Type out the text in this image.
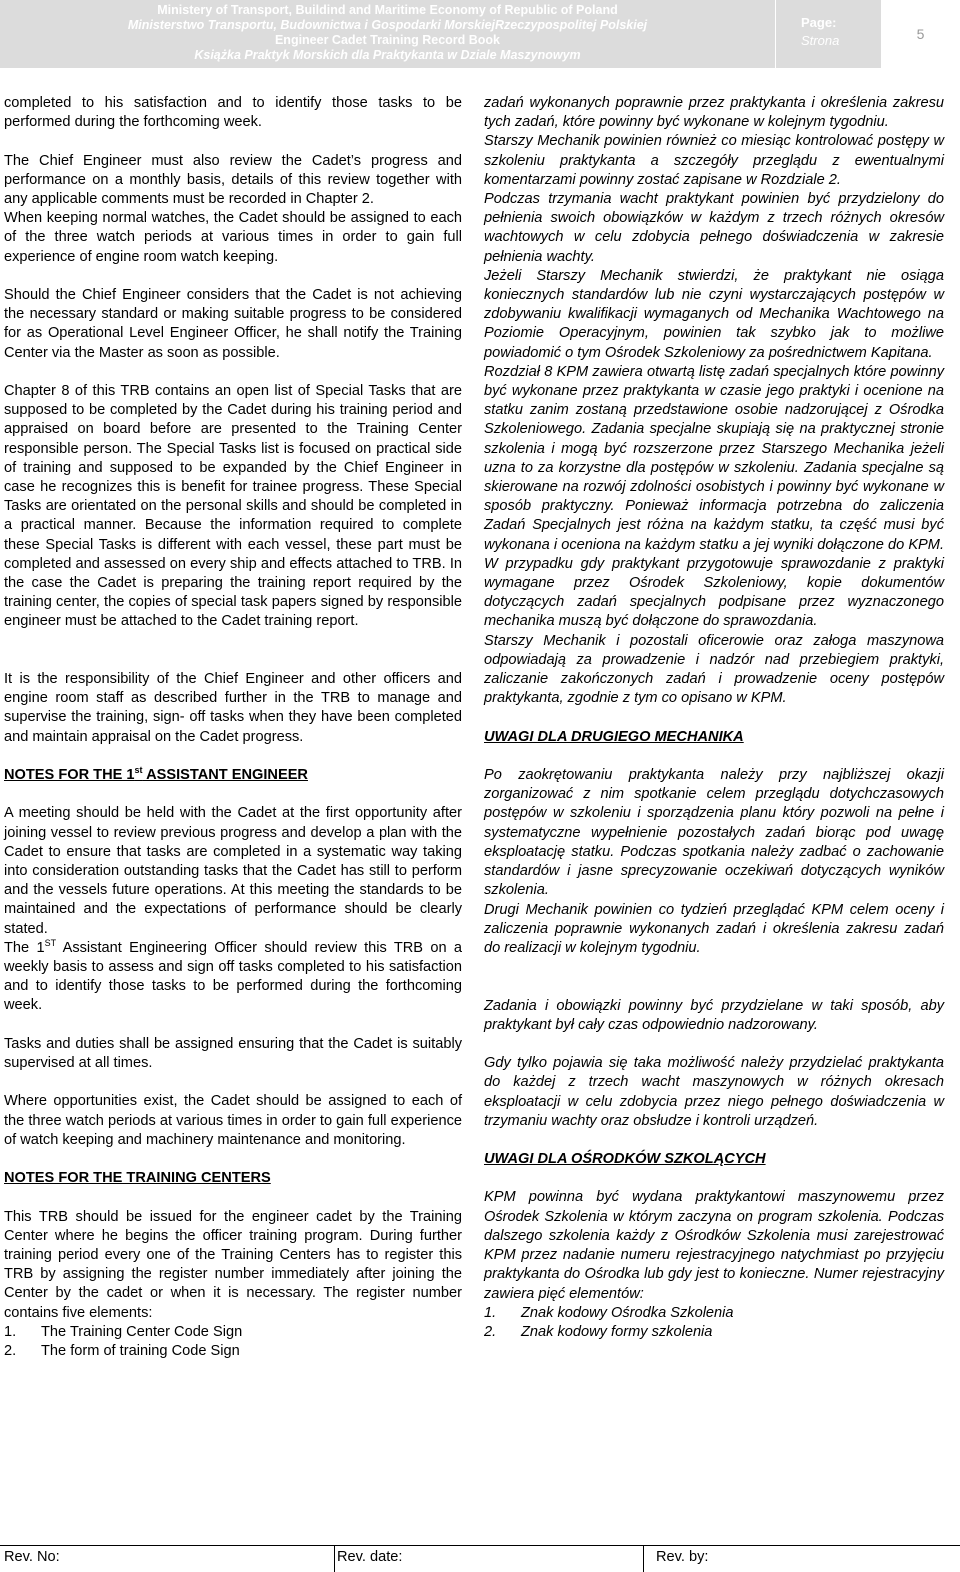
Ministery of Transport, Buildind and Maritime Economy of Republic of Poland
Ministerstwo Transportu, Budownictwa i Gospodarki MorskiejRzeczypospolitej Polskiej
Engineer Cadet Training Record Book
Książka Praktyk Morskich dla Praktykanta w Dziale Maszynowym
Page:
Strona	5

completed to his satisfaction and to identify those tasks to be performed during the forthcoming week.

The Chief Engineer must also review the Cadet’s progress and performance on a monthly basis, details of this review together with any applicable comments must be recorded in Chapter 2.

When keeping normal watches, the Cadet should be assigned to each of the three watch periods at various times in order to gain full experience of engine room watch keeping.

Should the Chief Engineer considers that the Cadet is not achieving the necessary standard or making suitable progress to be considered for as Operational Level Engineer Officer, he shall notify the Training Center via the Master as soon as possible.

Chapter 8 of this TRB contains an open list of Special Tasks that are supposed to be completed by the Cadet during his training period and appraised on board before are presented to the Training Center responsible person. The Special Tasks list is focused on practical side of training and supposed to be expanded by the Chief Engineer in case he recognizes this is benefit for trainee progress. These Special Tasks are orientated on the personal skills and should be completed in a practical manner. Because the information required to complete these Special Tasks is different with each vessel, these part must be completed and assessed on every ship and effects attached to TRB. In the case the Cadet is preparing the training report required by the training center, the copies of special task papers signed by responsible engineer must be attached to the Cadet training report.

It is the responsibility of the Chief Engineer and other officers and engine room staff as described further in the TRB to manage and supervise the training, sign- off tasks when they have been completed and maintain appraisal on the Cadet progress.

NOTES FOR THE 1st ASSISTANT ENGINEER

A meeting should be held with the Cadet at the first opportunity after joining vessel to review previous progress and develop a plan with the Cadet to ensure that tasks are completed in a systematic way taking into consideration outstanding tasks that the Cadet has still to perform and the vessels future operations. At this meeting the standards to be maintained and the expectations of performance should be clearly stated.

The 1ST Assistant Engineering Officer should review this TRB on a weekly basis to assess and sign off tasks completed to his satisfaction and to identify those tasks to be performed during the forthcoming week.

Tasks and duties shall be assigned ensuring that the Cadet is suitably supervised at all times.

Where opportunities exist, the Cadet should be assigned to each of the three watch periods at various times in order to gain full experience of watch keeping and machinery maintenance and monitoring.

NOTES FOR THE TRAINING CENTERS

This TRB should be issued for the engineer cadet by the Training Center where he begins the officer training program. During further training period every one of the Training Centers has to register this TRB by assigning the register number immediately after joining the Center by the cadet or when it is necessary. The register number contains five elements:

1.	The Training Center Code Sign
2.	The form of training Code Sign

zadań wykonanych poprawnie przez praktykanta i określenia zakresu tych zadań, które powinny być wykonane w kolejnym tygodniu.

Starszy Mechanik powinien również co miesiąc kontrolować postępy w szkoleniu praktykanta a szczegóły przeglądu z ewentualnymi komentarzami powinny zostać zapisane w Rozdziale 2.

Podczas trzymania wacht praktykant powinien być przydzielony do pełnienia swoich obowiązków w każdym z trzech różnych okresów wachtowych w celu zdobycia pełnego doświadczenia w zakresie pełnienia wachty.

Jeżeli Starszy Mechanik stwierdzi, że praktykant nie osiąga koniecznych standardów lub nie czyni wystarczających postępów w zdobywaniu kwalifikacji wymaganych od Mechanika Wachtowego na Poziomie Operacyjnym, powinien tak szybko jak to możliwe powiadomić o tym Ośrodek Szkoleniowy za pośrednictwem Kapitana.

Rozdział 8 KPM zawiera otwartą listę zadań specjalnych które powinny być wykonane przez praktykanta w czasie jego praktyki i ocenione na statku zanim zostaną przedstawione osobie nadzorującej z Ośrodka Szkoleniowego. Zadania specjalne skupiają się na praktycznej stronie szkolenia i mogą być rozszerzone przez Starszego Mechanika jeżeli uzna to za korzystne dla postępów w szkoleniu. Zadania specjalne są skierowane na rozwój zdolności osobistych i powinny być wykonane w sposób praktyczny. Ponieważ informacja potrzebna do zaliczenia Zadań Specjalnych jest różna na każdym statku, ta część musi być wykonana i oceniona na każdym statku a jej wyniki dołączone do KPM. W przypadku gdy praktykant przygotowuje sprawozdanie z praktyki wymagane przez Ośrodek Szkoleniowy, kopie dokumentów dotyczących zadań specjalnych podpisane przez wyznaczonego mechanika muszą być dołączone do sprawozdania.

Starszy Mechanik i pozostali oficerowie oraz załoga maszynowa odpowiadają za prowadzenie i nadzór nad przebiegiem praktyki, zaliczanie zakończonych zadań i prowadzenie oceny postępów praktykanta, zgodnie z tym co opisano w KPM.

UWAGI DLA DRUGIEGO MECHANIKA

Po zaokrętowaniu praktykanta należy przy najbliższej okazji zorganizować z nim spotkanie celem przeglądu dotychczasowych postępów w szkoleniu i sporządzenia planu który pozwoli na pełne i systematyczne wypełnienie pozostałych zadań biorąc pod uwagę eksploatację statku. Podczas spotkania należy zadbać o zachowanie standardów i jasne sprecyzowanie oczekiwań dotyczących wyników szkolenia.

Drugi Mechanik powinien co tydzień przeglądać KPM celem oceny i zaliczenia poprawnie wykonanych zadań i określenia zakresu zadań do realizacji w kolejnym tygodniu.

Zadania i obowiązki powinny być przydzielane w taki sposób, aby praktykant był cały czas odpowiednio nadzorowany.

Gdy tylko pojawia się taka możliwość należy przydzielać praktykanta do każdej z trzech wacht maszynowych w różnych okresach eksploatacji w celu zdobycia przez niego pełnego doświadczenia w trzymaniu wachty oraz obsłudze i kontroli urządzeń.

UWAGI DLA OŚRODKÓW SZKOLĄCYCH

KPM powinna być wydana praktykantowi maszynowemu przez Ośrodek Szkolenia w którym zaczyna on program szkolenia. Podczas dalszego szkolenia każdy z Ośrodków Szkolenia musi zarejestrować KPM przez nadanie numeru rejestracyjnego natychmiast po przyjęciu praktykanta do Ośrodka lub gdy jest to konieczne. Numer rejestracyjny zawiera pięć elementów:

1.	Znak kodowy Ośrodka Szkolenia
2.	Znak kodowy formy szkolenia
Rev. No:	Rev. date:	Rev. by:
